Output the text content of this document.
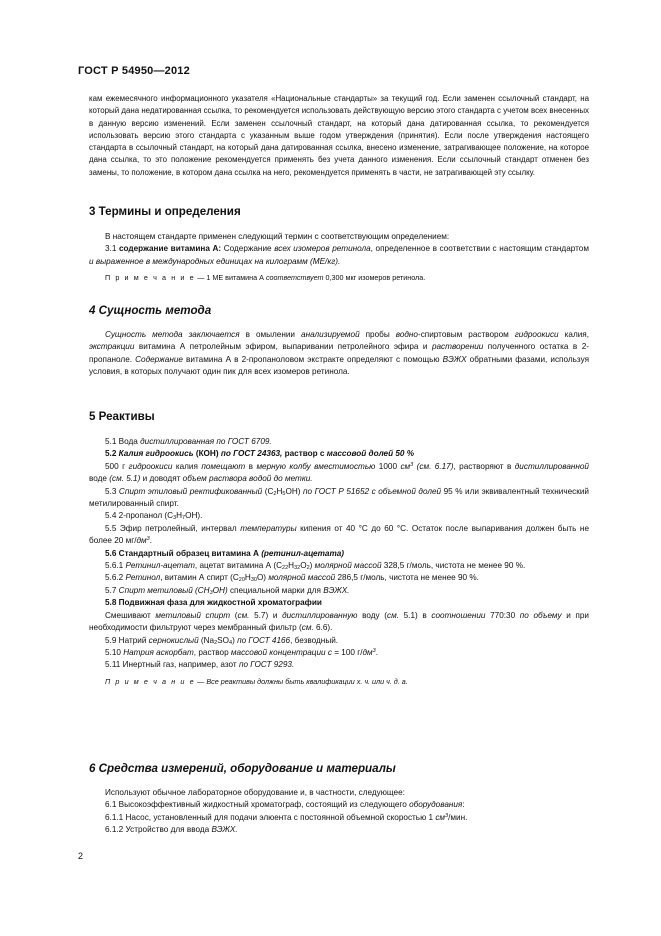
ГОСТ Р 54950—2012

кам ежемесячного информационного указателя «Национальные стандарты» за текущий год. Если заменен ссылочный стандарт, на который дана недатированная ссылка, то рекомендуется использовать действующую версию этого стандарта с учетом всех внесенных в данную версию изменений. Если заменен ссылочный стандарт, на который дана датированная ссылка, то рекомендуется использовать версию этого стандарта с указанным выше годом утверждения (принятия). Если после утверждения настоящего стандарта в ссылочный стандарт, на который дана датированная ссылка, внесено изменение, затрагивающее положение, на которое дана ссылка, то это положение рекомендуется применять без учета данного изменения. Если ссылочный стандарт отменен без замены, то положение, в котором дана ссылка на него, рекомендуется применять в части, не затрагивающей эту ссылку.

3 Термины и определения

В настоящем стандарте применен следующий термин с соответствующим определением:

3.1 содержание витамина А: Содержание всех изомеров ретинола, определенное в соответствии с настоящим стандартом и выраженное в международных единицах на килограмм (МЕ/кг).

П р и м е ч а н и е — 1 МЕ витамина А соответствует 0,300 мкг изомеров ретинола.

4 Сущность метода

Сущность метода заключается в омылении анализируемой пробы водно-спиртовым раствором гидроокиси калия, экстракции витамина А петролейным эфиром, выпаривании петролейного эфира и растворении полученного остатка в 2-пропаноле. Содержание витамина А в 2-пропаноловом экстракте определяют с помощью ВЭЖХ обратными фазами, используя условия, в которых получают один пик для всех изомеров ретинола.

5 Реактивы

5.1 Вода дистиллированная по ГОСТ 6709.

5.2 Калия гидроокись (КОН) по ГОСТ 24363, раствор с массовой долей 50 %

500 г гидроокиси калия помещают в мерную колбу вместимостью 1000 $см^3$ (см. 6.17), растворяют в дистиллированной воде (см. 5.1) и доводят объем раствора водой до метки.

5.3 Спирт этиловый ректификованный $(С_2Н_5ОН)$ по ГОСТ Р 51652 с объемной долей 95 % или эквивалентный технический метилированный спирт.

5.4 2-пропанол $(С_3Н_7ОН)$.

5.5 Эфир петролейный, интервал температуры кипения от 40 °С до 60 °С. Остаток после выпаривания должен быть не более 20 $мг/дм^3$.

5.6 Стандартный образец витамина А (ретинил-ацетата)

5.6.1 Ретинил-ацетат, ацетат витамина А $(С_{22}Н_{32}О_2)$ молярной массой 328,5 г/моль, чистота не менее 90 %.

5.6.2 Ретинол, витамин А спирт $(С_{20}Н_{30}О)$ молярной массой 286,5 г/моль, чистота не менее 90 %.

5.7 Спирт метиловый $(СН_3ОН)$ специальной марки для ВЭЖХ.

5.8 Подвижная фаза для жидкостной хроматографии

Смешивают метиловый спирт (см. 5.7) и дистиллированную воду (см. 5.1) в соотношении 770:30 по объему и при необходимости фильтруют через мембранный фильтр (см. 6.6).

5.9 Натрий сернокислый $(Na_2SO_4)$ по ГОСТ 4166, безводный.

5.10 Натрия аскорбат, раствор массовой концентрации с = 100 $г/дм^3$.

5.11 Инертный газ, например, азот по ГОСТ 9293.

П р и м е ч а н и е — Все реактивы должны быть квалификации х. ч. или ч. д. а.

6 Средства измерений, оборудование и материалы

Используют обычное лабораторное оборудование и, в частности, следующее:

6.1 Высокоэффективный жидкостный хроматограф, состоящий из следующего оборудования:

6.1.1 Насос, установленный для подачи элюента с постоянной объемной скоростью 1 $см^3$/мин.

6.1.2 Устройство для ввода ВЭЖХ.

2
